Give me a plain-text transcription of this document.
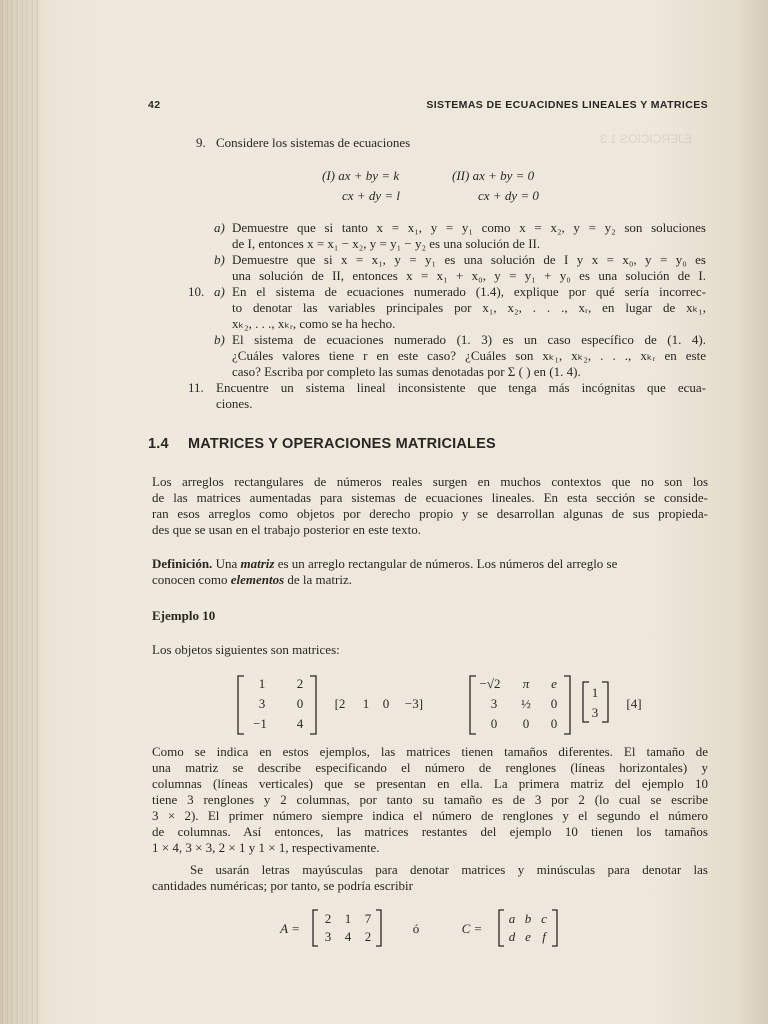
EJERCICIOS 1.3
42	SISTEMAS DE ECUACIDNES LINEALES Y MATRICES
9. Considere los sistemas de ecuaciones
(I) ax + by = k
cx + dy = l
(II) ax + by = 0
cx + dy = 0
a) Demuestre que si tanto x = x₁, y = y₁ como x = x₂, y = y₂ son soluciones
de I, entonces x = x₁ − x₂, y = y₁ − y₂ es una solución de II.
b) Demuestre que si x = x₁, y = y₁ es una solución de I y x = x₀, y = y₀ es
una solución de II, entonces x = x₁ + x₀, y = y₁ + y₀ es una solución de I.
10. a) En el sistema de ecuaciones numerado (1.4), explique por qué sería incorrec-
to denotar las variables principales por x₁, x₂, . . ., xᵣ, en lugar de xₖ₁,
xₖ₂, . . ., xₖᵣ, como se ha hecho.
b) El sistema de ecuaciones numerado (1. 3) es un caso específico de (1. 4).
¿Cuáles valores tiene r en este caso? ¿Cuáles son xₖ₁, xₖ₂, . . ., xₖᵣ en este
caso? Escriba por completo las sumas denotadas por Σ ( ) en (1. 4).
11. Encuentre un sistema lineal inconsistente que tenga más incógnitas que ecua-
ciones.
1.4 MATRICES Y OPERACIONES MATRICIALES
Los arreglos rectangulares de números reales surgen en muchos contextos que no son los
de las matrices aumentadas para sistemas de ecuaciones lineales. En esta sección se conside-
ran esos arreglos como objetos por derecho propio y se desarrollan algunas de sus propieda-
des que se usan en el trabajo posterior en este texto.
Definición. Una matriz es un arreglo rectangular de números. Los números del arreglo se
conocen como elementos de la matriz.
Ejemplo 10
Los objetos siguientes son matrices:
1 2
3 0
−1 4
[2 1 0 −3]
−√2 π e
3 ½ 0
0 0 0
1
3
[4]
Como se indica en estos ejemplos, las matrices tienen tamaños diferentes. El tamaño de
una matriz se describe especificando el número de renglones (líneas horizontales) y
columnas (líneas verticales) que se presentan en ella. La primera matriz del ejemplo 10
tiene 3 renglones y 2 columnas, por tanto su tamaño es de 3 por 2 (lo cual se escribe
3 × 2). El primer número siempre indica el número de renglones y el segundo el número
de columnas. Así entonces, las matrices restantes del ejemplo 10 tienen los tamaños
1 × 4, 3 × 3, 2 × 1 y 1 × 1, respectivamente.
Se usarán letras mayúsculas para denotar matrices y minúsculas para denotar las
cantidades numéricas; por tanto, se podría escribir
A =
2 1 7
3 4 2
ó	C =
a b c
d e f
